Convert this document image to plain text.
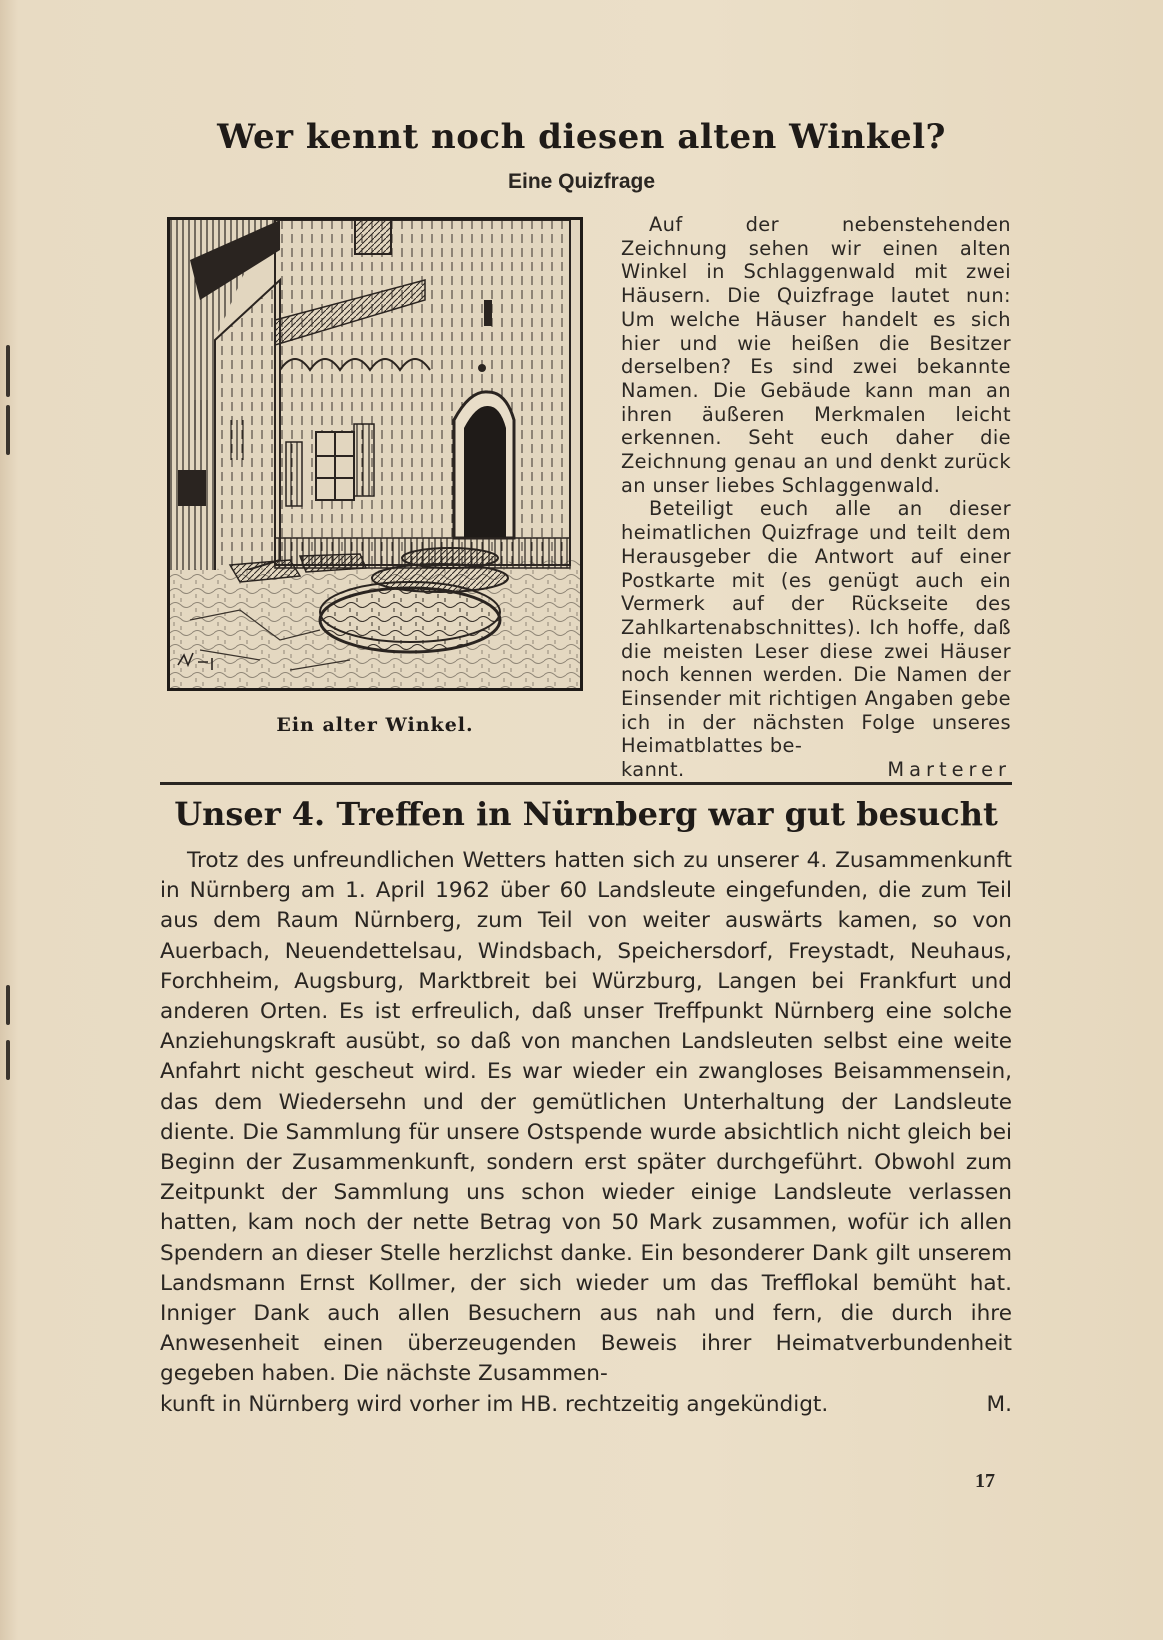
Wer kennt noch diesen alten Winkel?
Eine Quizfrage
Ein alter Winkel.

Auf der nebenstehenden Zeichnung sehen wir einen alten Winkel in Schlaggenwald mit zwei Häusern. Die Quizfrage lautet nun: Um welche Häuser handelt es sich hier und wie heißen die Besitzer derselben? Es sind zwei bekannte Namen. Die Gebäude kann man an ihren äußeren Merkmalen leicht erkennen. Seht euch daher die Zeichnung genau an und denkt zurück an unser liebes Schlaggenwald.

Beteiligt euch alle an dieser heimatlichen Quizfrage und teilt dem Herausgeber die Antwort auf einer Postkarte mit (es genügt auch ein Vermerk auf der Rückseite des Zahlkartenabschnittes). Ich hoffe, daß die meisten Leser diese zwei Häuser noch kennen werden. Die Namen der Einsender mit richtigen Angaben gebe ich in der nächsten Folge unseres Heimatblattes be-

kannt.	Marterer
Unser 4. Treffen in Nürnberg war gut besucht

Trotz des unfreundlichen Wetters hatten sich zu unserer 4. Zusammenkunft in Nürnberg am 1. April 1962 über 60 Landsleute eingefunden, die zum Teil aus dem Raum Nürnberg, zum Teil von weiter auswärts kamen, so von Auerbach, Neuendettelsau, Windsbach, Speichersdorf, Freystadt, Neuhaus, Forchheim, Augsburg, Marktbreit bei Würzburg, Langen bei Frankfurt und anderen Orten. Es ist erfreulich, daß unser Treffpunkt Nürnberg eine solche Anziehungskraft ausübt, so daß von manchen Landsleuten selbst eine weite Anfahrt nicht gescheut wird. Es war wieder ein zwangloses Beisammensein, das dem Wiedersehn und der gemütlichen Unterhaltung der Landsleute diente. Die Sammlung für unsere Ostspende wurde absichtlich nicht gleich bei Beginn der Zusammenkunft, sondern erst später durchgeführt. Obwohl zum Zeitpunkt der Sammlung uns schon wieder einige Landsleute verlassen hatten, kam noch der nette Betrag von 50 Mark zusammen, wofür ich allen Spendern an dieser Stelle herzlichst danke. Ein besonderer Dank gilt unserem Landsmann Ernst Kollmer, der sich wieder um das Trefflokal bemüht hat. Inniger Dank auch allen Besuchern aus nah und fern, die durch ihre Anwesenheit einen überzeugenden Beweis ihrer Heimatverbundenheit gegeben haben. Die nächste Zusammen-

kunft in Nürnberg wird vorher im HB. rechtzeitig angekündigt.	M.
17
